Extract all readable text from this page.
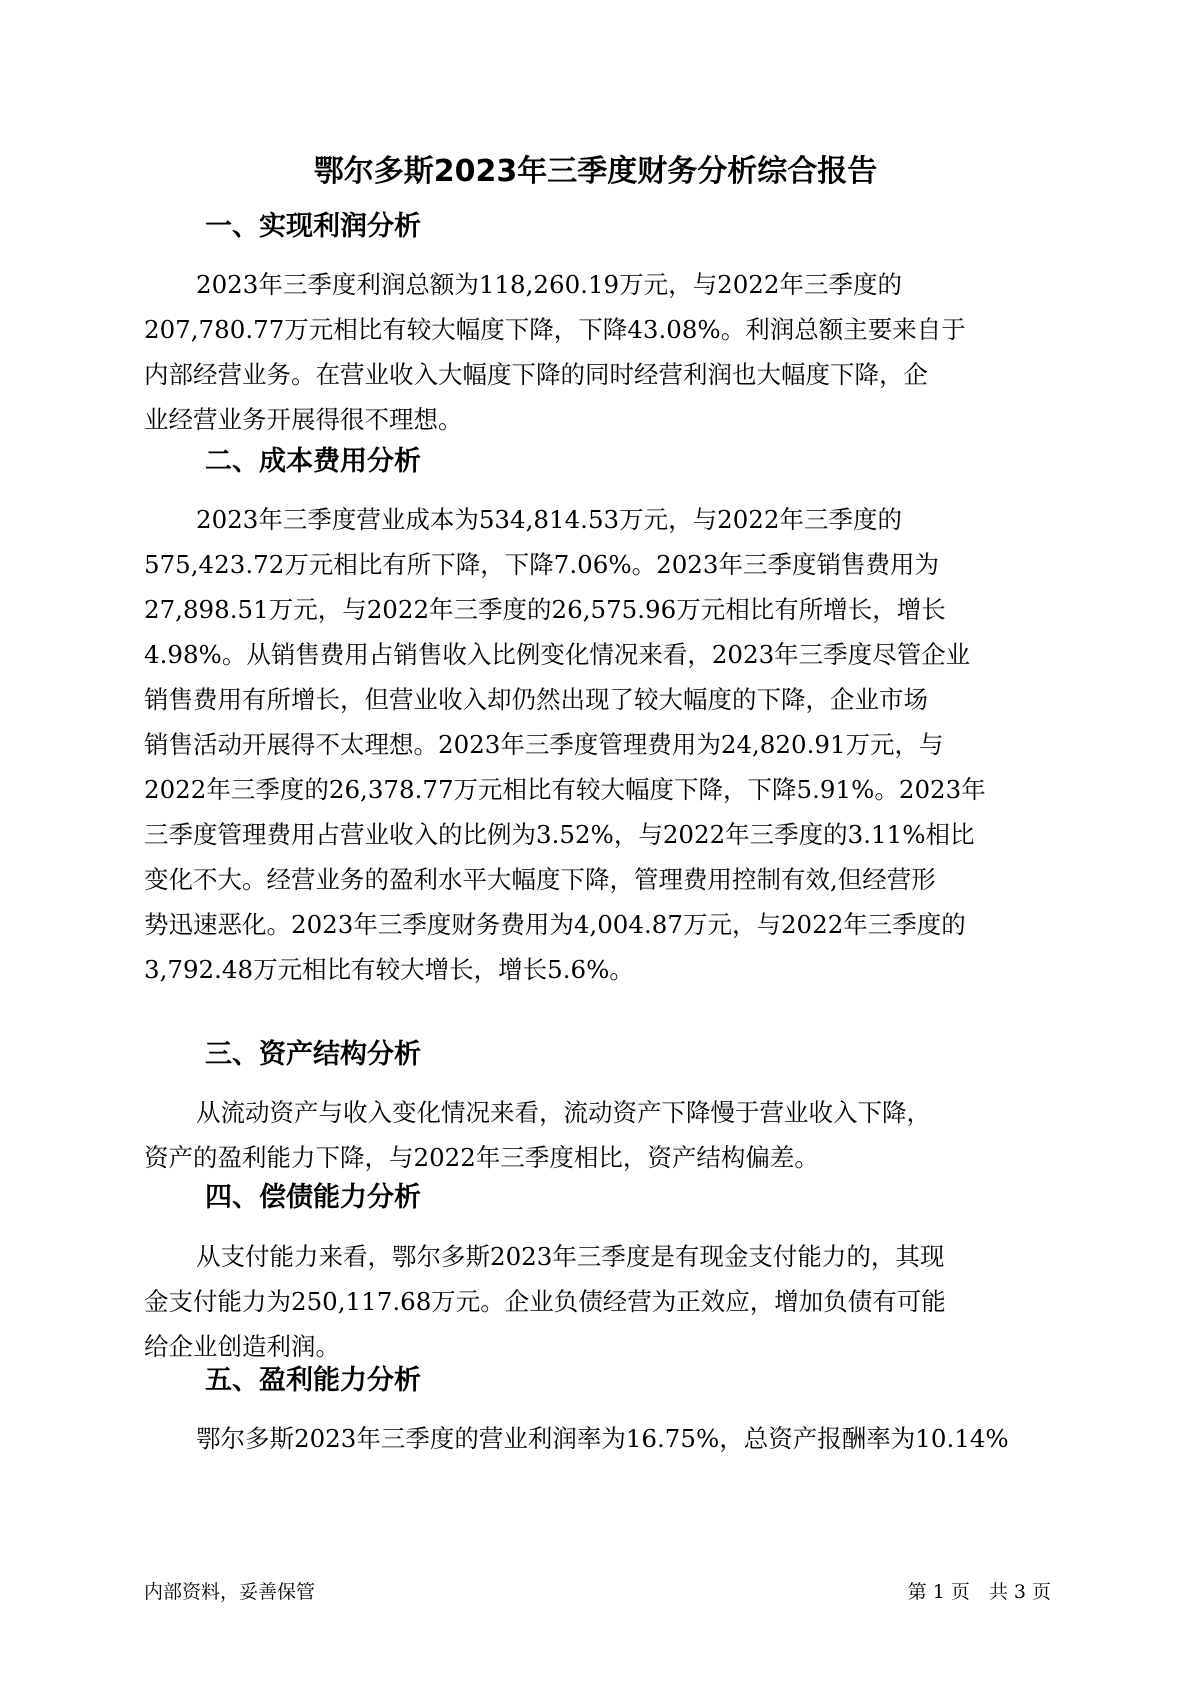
鄂尔多斯2023年三季度财务分析综合报告
一、实现利润分析

2023年三季度利润总额为118,260.19万元，与2022年三季度的
207,780.77万元相比有较大幅度下降，下降43.08%。利润总额主要来自于
内部经营业务。在营业收入大幅度下降的同时经营利润也大幅度下降，企
业经营业务开展得很不理想。

二、成本费用分析

2023年三季度营业成本为534,814.53万元，与2022年三季度的
575,423.72万元相比有所下降，下降7.06%。2023年三季度销售费用为
27,898.51万元，与2022年三季度的26,575.96万元相比有所增长，增长
4.98%。从销售费用占销售收入比例变化情况来看，2023年三季度尽管企业
销售费用有所增长，但营业收入却仍然出现了较大幅度的下降，企业市场
销售活动开展得不太理想。2023年三季度管理费用为24,820.91万元，与
2022年三季度的26,378.77万元相比有较大幅度下降，下降5.91%。2023年
三季度管理费用占营业收入的比例为3.52%，与2022年三季度的3.11%相比
变化不大。经营业务的盈利水平大幅度下降，管理费用控制有效,但经营形
势迅速恶化。2023年三季度财务费用为4,004.87万元，与2022年三季度的
3,792.48万元相比有较大增长，增长5.6%。

三、资产结构分析

从流动资产与收入变化情况来看，流动资产下降慢于营业收入下降，
资产的盈利能力下降，与2022年三季度相比，资产结构偏差。

四、偿债能力分析

从支付能力来看，鄂尔多斯2023年三季度是有现金支付能力的，其现
金支付能力为250,117.68万元。企业负债经营为正效应，增加负债有可能
给企业创造利润。

五、盈利能力分析

鄂尔多斯2023年三季度的营业利润率为16.75%，总资产报酬率为10.14%

内部资料，妥善保管	第 1 页　共 3 页
